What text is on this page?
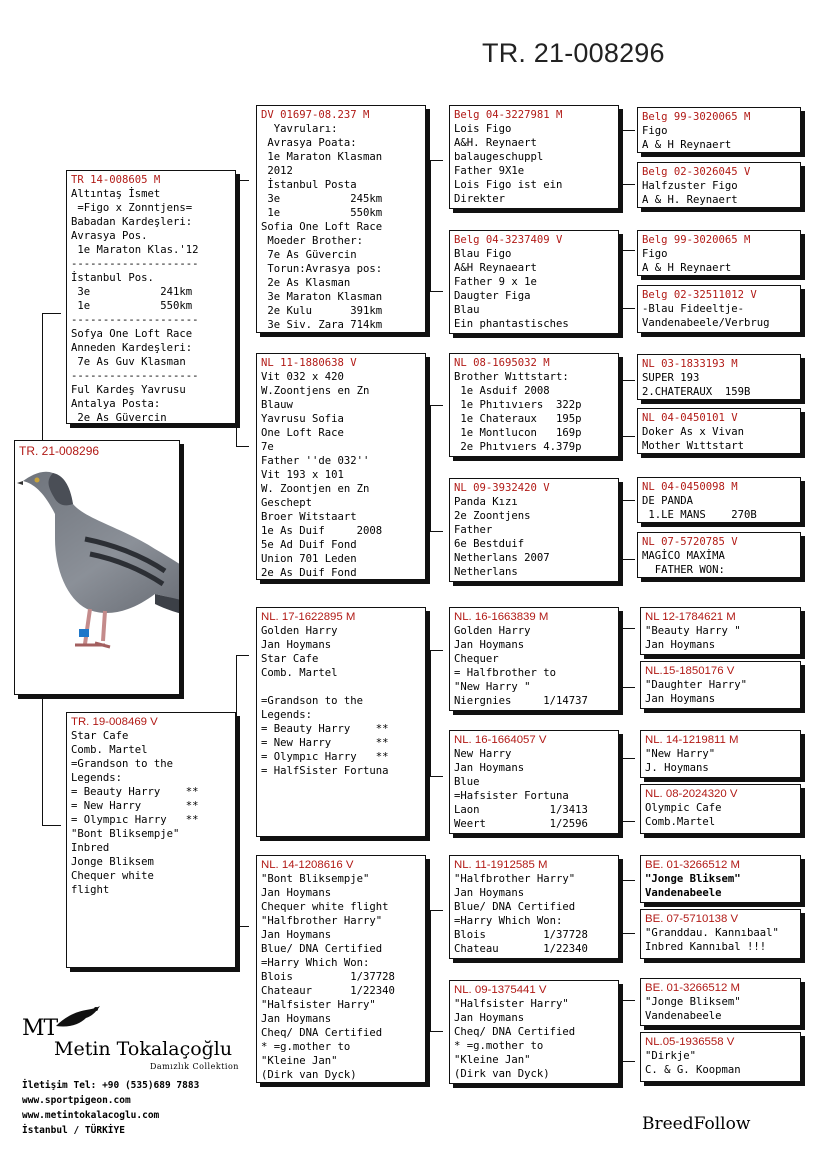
TR. 21-008296
TR. 21-008296
TR 14-008605 M
Altıntaş İsmet
=Figo x Zonntjens=
Babadan Kardeşleri:
Avrasya Pos.
1e Maraton Klas.'12
--------------------
İstanbul Pos.
3e           241km
1e           550km
--------------------
Sofya One Loft Race
Anneden Kardeşleri:
7e As Guv Klasman
--------------------
Ful Kardeş Yavrusu
Antalya Posta:
2e As Güvercin
TR. 19-008469 V
Star Cafe
Comb. Martel
=Grandson to the
Legends:
= Beauty Harry    **
= New Harry       **
= Olympıc Harry   **
"Bont Bliksempje"
Inbred
Jonge Bliksem
Chequer white
flight
DV 01697-08.237 M
Yavruları:
Avrasya Poata:
1e Maraton Klasman
2012
İstanbul Posta
3e           245km
1e           550km
Sofia One Loft Race
Moeder Brother:
7e As Güvercin
Torun:Avrasya pos:
2e As Klasman
3e Maraton Klasman
2e Kulu      391km
3e Siv. Zara 714km
NL 11-1880638 V
Vit 032 x 420
W.Zoontjens en Zn
Blauw
Yavrusu Sofia
One Loft Race
7e
Father ''de 032''
Vit 193 x 101
W. Zoontjen en Zn
Geschept
Broer Witstaart
1e As Duif     2008
5e Ad Duif Fond
Union 701 Leden
2e As Duif Fond
NL. 17-1622895 M
Golden Harry
Jan Hoymans
Star Cafe
Comb. Martel

=Grandson to the
Legends:
= Beauty Harry    **
= New Harry       **
= Olympıc Harry   **
= HalfSister Fortuna
NL. 14-1208616 V
"Bont Bliksempje"
Jan Hoymans
Chequer white flight
"Halfbrother Harry"
Jan Hoymans
Blue/ DNA Certified
=Harry Which Won:
Blois         1/37728
Chateaur      1/22340
"Halfsister Harry"
Jan Hoymans
Cheq/ DNA Certified
* =g.mother to
"Kleine Jan"
(Dirk van Dyck)
Belg 04-3227981 M
Lois Figo
A&H. Reynaert
balaugeschuppl
Father 9X1e
Lois Figo ist ein
Direkter
Belg 04-3237409 V
Blau Figo
A&H Reynaeart
Father 9 x 1e
Daugter Figa
Blau
Ein phantastisches
NL 08-1695032 M
Brother Wıttstart:
1e Asduif 2008
1e Phıtıvıers  322p
1e Chateraux   195p
1e Montlucon   169p
2e Phıtvıers 4.379p
NL 09-3932420 V
Panda Kızı
2e Zoontjens
Father
6e Bestduif
Netherlans 2007
Netherlans
NL. 16-1663839 M
Golden Harry
Jan Hoymans
Chequer
= Halfbrother to
"New Harry "
Niergnies     1/14737
NL. 16-1664057 V
New Harry
Jan Hoymans
Blue
=Hafsister Fortuna
Laon           1/3413
Weert          1/2596
NL. 11-1912585 M
"Halfbrother Harry"
Jan Hoymans
Blue/ DNA Certified
=Harry Which Won:
Blois         1/37728
Chateau       1/22340
NL. 09-1375441 V
"Halfsister Harry"
Jan Hoymans
Cheq/ DNA Certified
* =g.mother to
"Kleine Jan"
(Dirk van Dyck)
Belg 99-3020065 M
Figo
A & H Reynaert
Belg 02-3026045 V
Halfzuster Figo
A & H. Reynaert
Belg 99-3020065 M
Figo
A & H Reynaert
Belg 02-32511012 V
-Blau Fideeltje-
Vandenabeele/Verbrug
NL 03-1833193 M
SUPER 193
2.CHATERAUX  159B
NL 04-0450101 V
Doker As x Vivan
Mother Wıttstart
NL 04-0450098 M
DE PANDA
1.LE MANS    270B
NL 07-5720785 V
MAGİCO MAXİMA
FATHER WON:
NL 12-1784621 M
"Beauty Harry "
Jan Hoymans
NL.15-1850176 V
"Daughter Harry"
Jan Hoymans
NL. 14-1219811 M
"New Harry"
J. Hoymans
NL. 08-2024320 V
Olympic Cafe
Comb.Martel
BE. 01-3266512 M
"Jonge Bliksem"
Vandenabeele
BE. 07-5710138 V
"Granddau. Kannıbaal"
Inbred Kannıbal !!!
BE. 01-3266512 M
"Jonge Bliksem"
Vandenabeele
NL.05-1936558 V
"Dirkje"
C. & G. Koopman
MT
Metin Tokalaçoğlu
Damızlık Collektion
İletişim Tel: +90 (535)689 7883
www.sportpigeon.com
www.metintokalacoglu.com
İstanbul / TÜRKİYE	BreedFollow
